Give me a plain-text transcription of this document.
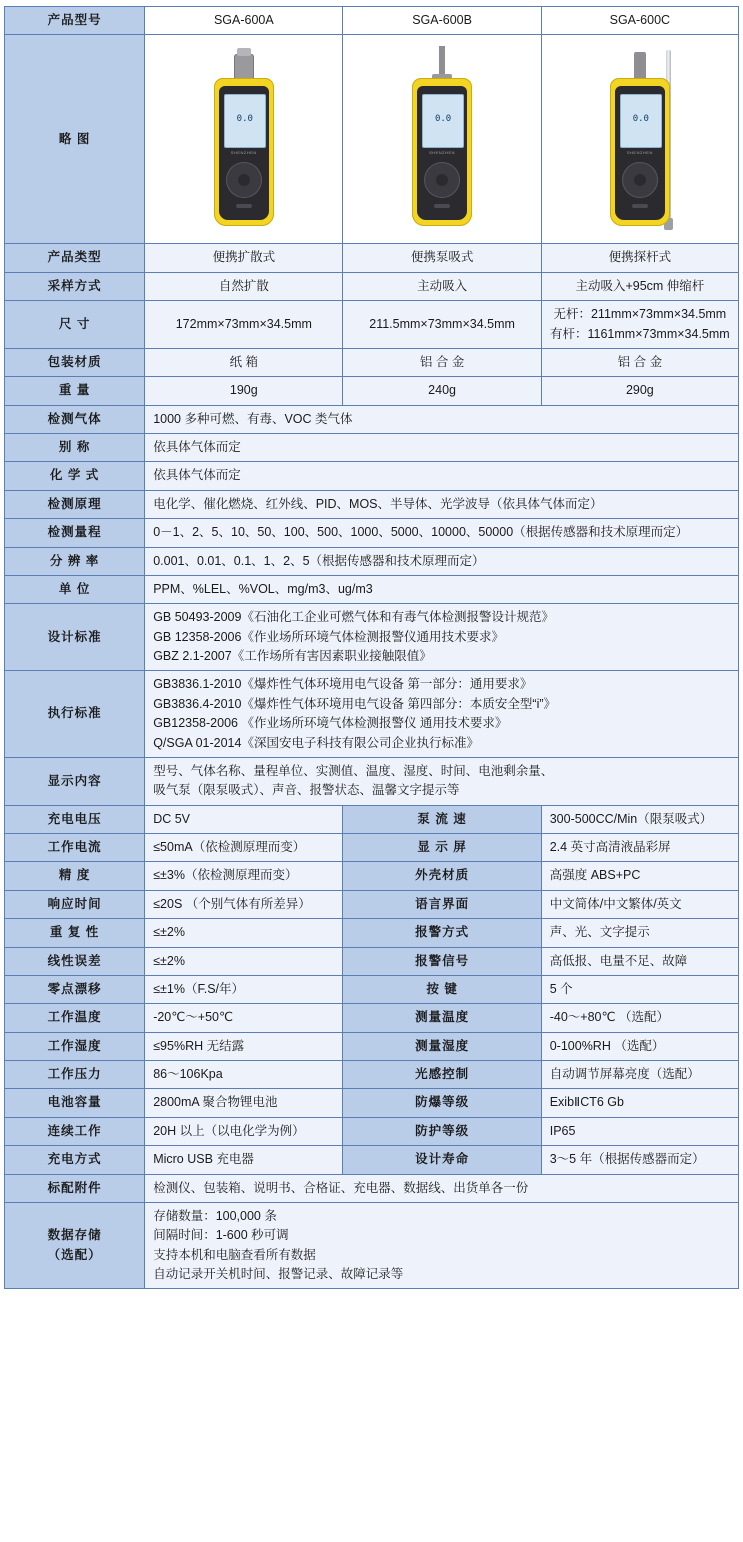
产品型号	SGA-600A	SGA-600B	SGA-600C
略 图	
0.0
SHENZHEN

0.0
SHENZHEN

0.0
SHENZHEN

产品类型	便携扩散式	便携泵吸式	便携探杆式
采样方式	自然扩散	主动吸入	主动吸入+95cm 伸缩杆
尺 寸	172mm×73mm×34.5mm	211.5mm×73mm×34.5mm	无杆：211mm×73mm×34.5mm
有杆：1161mm×73mm×34.5mm
包装材质	纸 箱	铝 合 金	铝 合 金
重 量	190g	240g	290g
检测气体	1000 多种可燃、有毒、VOC 类气体		
别 称	依具体气体而定		
化 学 式	依具体气体而定		
检测原理	电化学、催化燃烧、红外线、PID、MOS、半导体、光学波导（依具体气体而定）		
检测量程	0－1、2、5、10、50、100、500、1000、5000、10000、50000（根据传感器和技术原理而定）		
分 辨 率	0.001、0.01、0.1、1、2、5（根据传感器和技术原理而定）		
单 位	PPM、%LEL、%VOL、mg/m3、ug/m3		
设计标准	GB 50493-2009《石油化工企业可燃气体和有毒气体检测报警设计规范》
GB 12358-2006《作业场所环境气体检测报警仪通用技术要求》
GBZ 2.1-2007《工作场所有害因素职业接触限值》		
执行标准	GB3836.1-2010《爆炸性气体环境用电气设备 第一部分：通用要求》
GB3836.4-2010《爆炸性气体环境用电气设备 第四部分：本质安全型“i”》
GB12358-2006 《作业场所环境气体检测报警仪 通用技术要求》
Q/SGA 01-2014《深国安电子科技有限公司企业执行标准》		
显示内容	型号、气体名称、量程单位、实测值、温度、湿度、时间、电池剩余量、
吸气泵（限泵吸式）、声音、报警状态、温馨文字提示等		
充电电压	DC 5V	泵 流 速	300-500CC/Min（限泵吸式）
工作电流	≤50mA（依检测原理而变）	显 示 屏	2.4 英寸高清液晶彩屏
精 度	≤±3%（依检测原理而变）	外壳材质	高强度 ABS+PC
响应时间	≤20S （个别气体有所差异）	语言界面	中文简体/中文繁体/英文
重 复 性	≤±2%	报警方式	声、光、文字提示
线性误差	≤±2%	报警信号	高低报、电量不足、故障
零点漂移	≤±1%（F.S/年）	按 键	5 个
工作温度	-20℃～+50℃	测量温度	-40～+80℃ （选配）
工作湿度	≤95%RH 无结露	测量湿度	0-100%RH （选配）
工作压力	86～106Kpa	光感控制	自动调节屏幕亮度（选配）
电池容量	2800mA 聚合物锂电池	防爆等级	ExibⅡCT6 Gb
连续工作	20H 以上（以电化学为例）	防护等级	IP65
充电方式	Micro USB 充电器	设计寿命	3～5 年（根据传感器而定）
标配附件	检测仪、包装箱、说明书、合格证、充电器、数据线、出货单各一份		
数据存储
（选配）	存储数量：100,000 条
间隔时间：1-600 秒可调
支持本机和电脑查看所有数据
自动记录开关机时间、报警记录、故障记录等		
